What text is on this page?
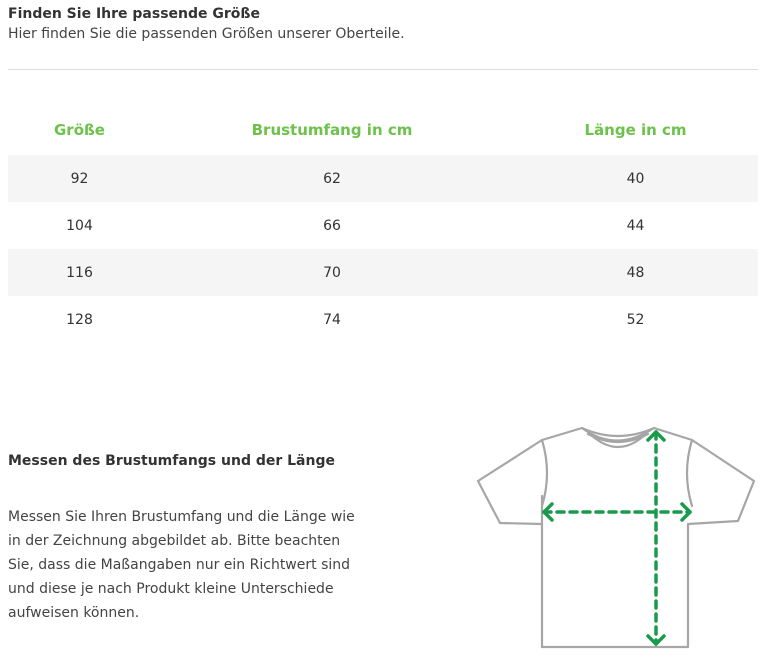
Finden Sie Ihre passende Größe

Hier finden Sie die passenden Größen unserer Oberteile.

Größe	Brustumfang in cm	Länge in cm
92	62	40
104	66	44
116	70	48
128	74	52
Messen des Brustumfangs und der Länge
Messen Sie Ihren Brustumfang und die Länge wie in der Zeichnung abgebildet ab. Bitte beachten Sie, dass die Maßangaben nur ein Richtwert sind und diese je nach Produkt kleine Unterschiede aufweisen können.
